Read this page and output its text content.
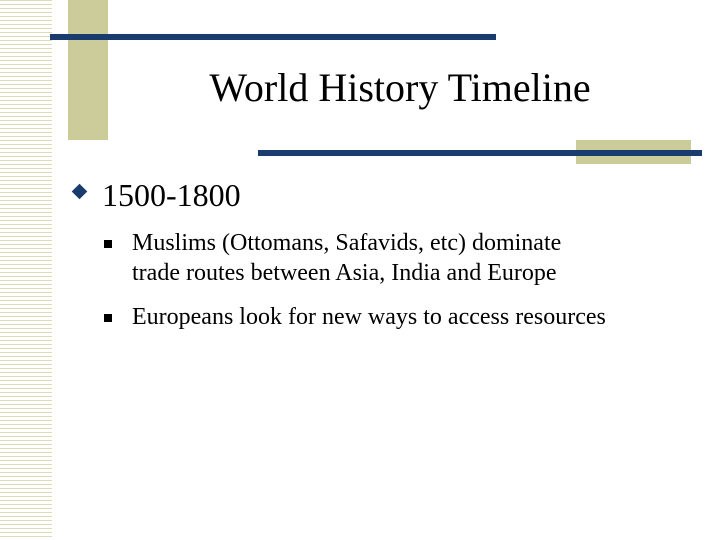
World History Timeline
1500-1800
Muslims (Ottomans, Safavids, etc) dominate
trade routes between Asia, India and Europe
Europeans look for new ways to access resources
